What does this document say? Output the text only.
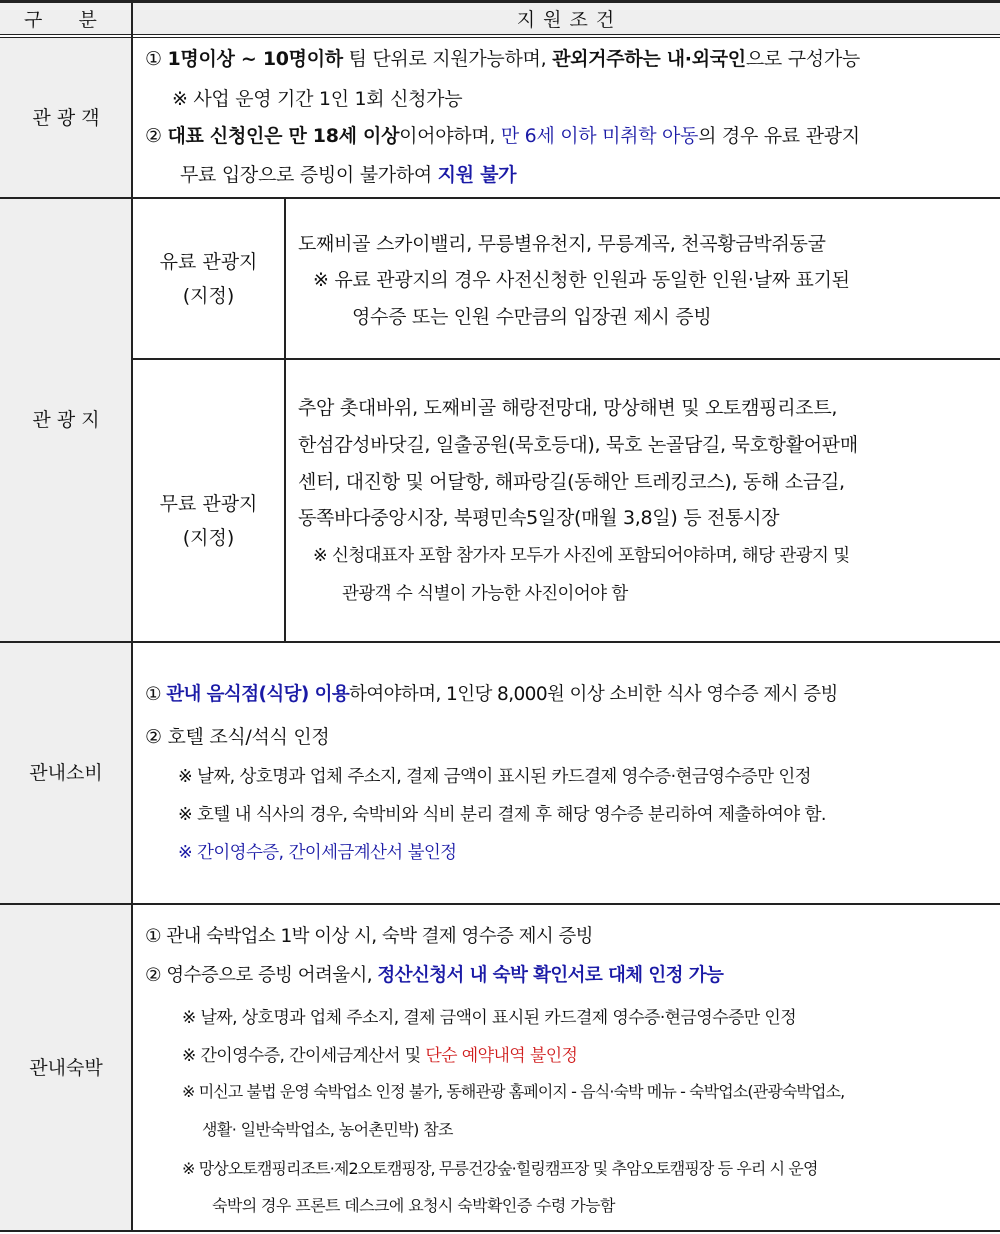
구     분	지 원 조 건
관 광 객
① 1명이상 ~ 10명이하 팀 단위로 지원가능하며, 관외거주하는 내·외국인으로 구성가능
※ 사업 운영 기간 1인 1회 신청가능
② 대표 신청인은 만 18세 이상이어야하며, 만 6세 이하 미취학 아동의 경우 유료 관광지
무료 입장으로 증빙이 불가하여 지원 불가
관 광 지
유료 관광지
(지정)
도째비골 스카이밸리, 무릉별유천지, 무릉계곡, 천곡황금박쥐동굴
※ 유료 관광지의 경우 사전신청한 인원과 동일한 인원·날짜 표기된
영수증 또는 인원 수만큼의 입장권 제시 증빙
무료 관광지
(지정)
추암 촛대바위, 도째비골 해랑전망대, 망상해변 및 오토캠핑리조트,
한섬감성바닷길, 일출공원(묵호등대), 묵호 논골담길, 묵호항활어판매
센터, 대진항 및 어달항, 해파랑길(동해안 트레킹코스), 동해 소금길,
동쪽바다중앙시장, 북평민속5일장(매월 3,8일) 등 전통시장
※ 신청대표자 포함 참가자 모두가 사진에 포함되어야하며, 해당 관광지 및
관광객 수 식별이 가능한 사진이어야 함
관내소비
① 관내 음식점(식당) 이용하여야하며, 1인당 8,000원 이상 소비한 식사 영수증 제시 증빙
② 호텔 조식/석식 인정
※ 날짜, 상호명과 업체 주소지, 결제 금액이 표시된 카드결제 영수증·현금영수증만 인정
※ 호텔 내 식사의 경우, 숙박비와 식비 분리 결제 후 해당 영수증 분리하여 제출하여야 함.
※ 간이영수증, 간이세금계산서 불인정
관내숙박
① 관내 숙박업소 1박 이상 시, 숙박 결제 영수증 제시 증빙
② 영수증으로 증빙 어려울시, 정산신청서 내 숙박 확인서로 대체 인정 가능
※ 날짜, 상호명과 업체 주소지, 결제 금액이 표시된 카드결제 영수증·현금영수증만 인정
※ 간이영수증, 간이세금계산서 및 단순 예약내역 불인정
※ 미신고 불법 운영 숙박업소 인정 불가, 동해관광 홈페이지 - 음식·숙박 메뉴 - 숙박업소(관광숙박업소,
생활· 일반숙박업소, 농어촌민박) 참조
※ 망상오토캠핑리조트·제2오토캠핑장, 무릉건강숲·힐링캠프장 및 추암오토캠핑장 등 우리 시 운영
숙박의 경우 프론트 데스크에 요청시 숙박확인증 수령 가능함
